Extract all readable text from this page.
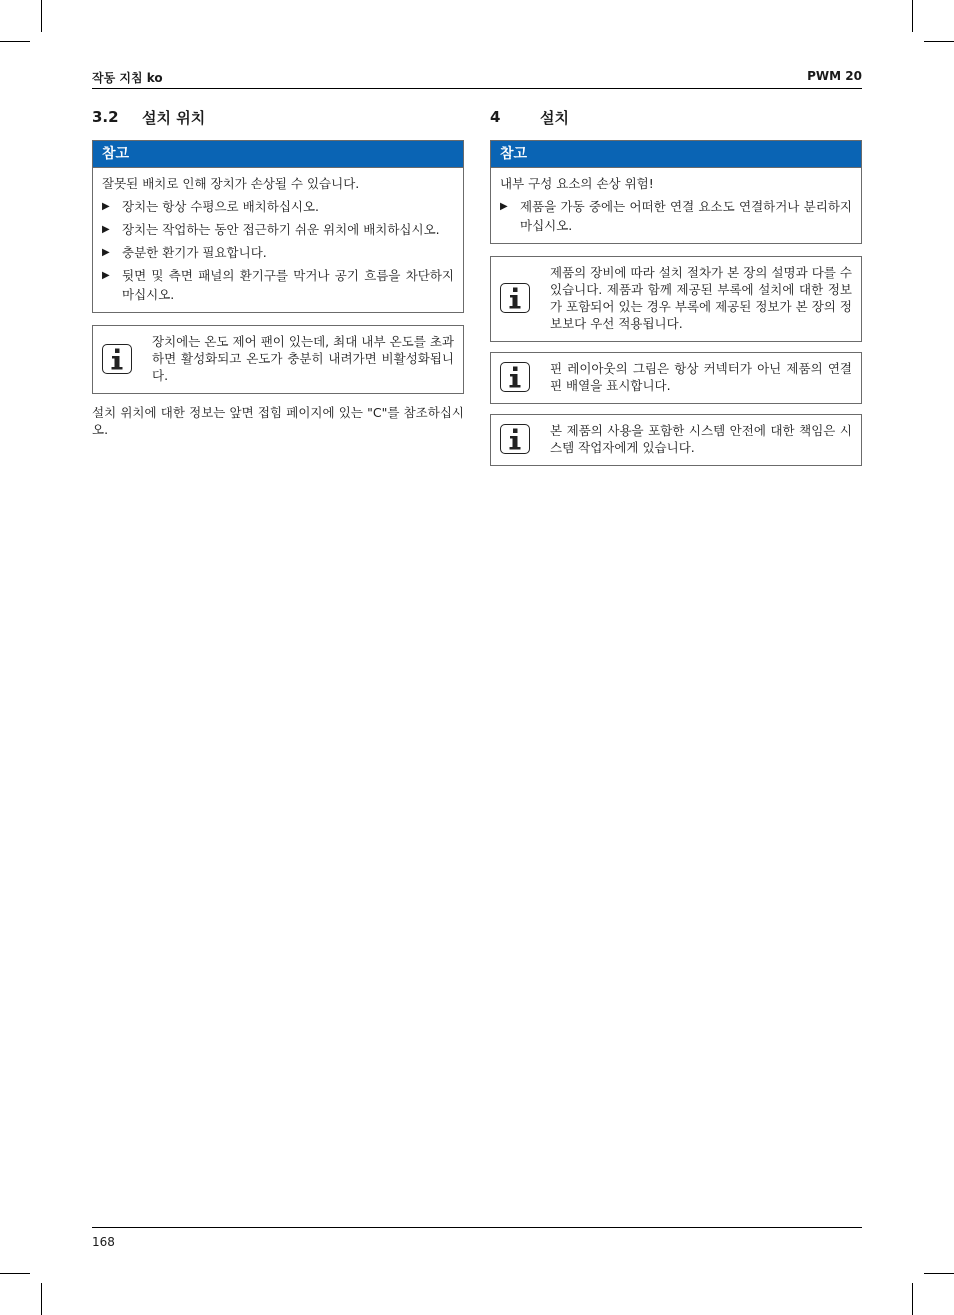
작동 지침 ko	PWM 20
3.2	설치 위치
참고
잘못된 배치로 인해 장치가 손상될 수 있습니다.
▶ 장치는 항상 수평으로 배치하십시오.
▶ 장치는 작업하는 동안 접근하기 쉬운 위치에 배치하십시오.
▶ 충분한 환기가 필요합니다.
▶ 뒷면 및 측면 패널의 환기구를 막거나 공기 흐름을 차단하지 마십시오.
장치에는 온도 제어 팬이 있는데, 최대 내부 온도를 초과하면 활성화되고 온도가 충분히 내려가면 비활성화됩니다.
설치 위치에 대한 정보는 앞면 접힘 페이지에 있는 "C"를 참조하십시오.
4	설치
참고
내부 구성 요소의 손상 위험!
▶ 제품을 가동 중에는 어떠한 연결 요소도 연결하거나 분리하지 마십시오.
제품의 장비에 따라 설치 절차가 본 장의 설명과 다를 수 있습니다. 제품과 함께 제공된 부록에 설치에 대한 정보가 포함되어 있는 경우 부록에 제공된 정보가 본 장의 정보보다 우선 적용됩니다.
핀 레이아웃의 그림은 항상 커넥터가 아닌 제품의 연결 핀 배열을 표시합니다.
본 제품의 사용을 포함한 시스템 안전에 대한 책임은 시스템 작업자에게 있습니다.
168
